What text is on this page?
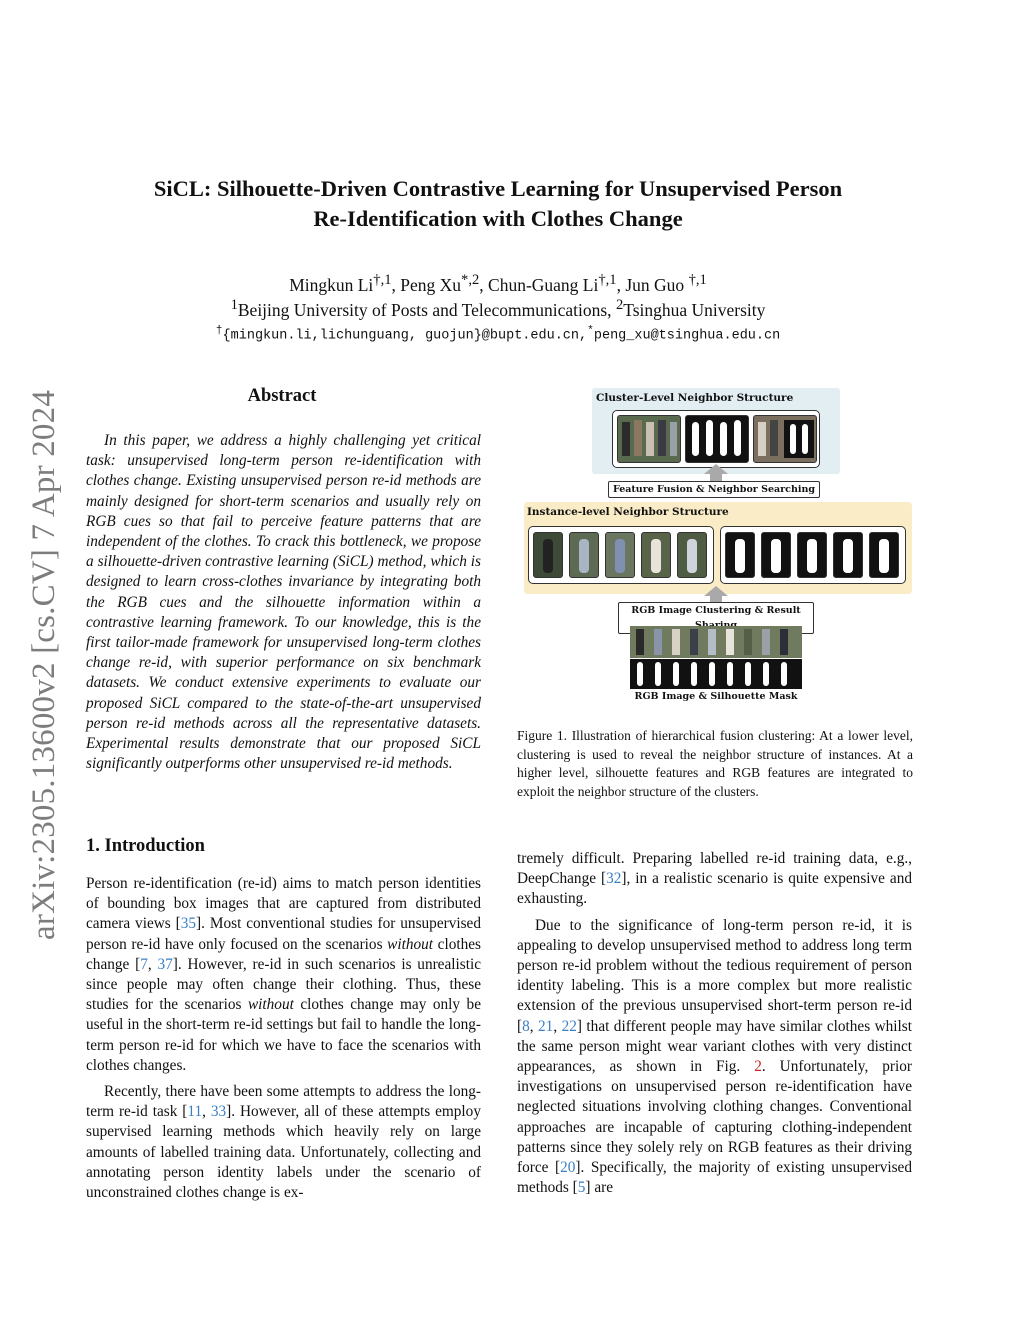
arXiv:2305.13600v2 [cs.CV] 7 Apr 2024
SiCL: Silhouette-Driven Contrastive Learning for Unsupervised Person
Re-Identification with Clothes Change
Mingkun $Li^{\dagger,1}$, Peng $Xu^{*,2}$, Chun-Guang $Li^{\dagger,1}$, Jun Guo $^{\dagger,1}$
$^1$Beijing University of Posts and Telecommunications, $^2$Tsinghua University
†{mingkun.li,lichunguang, guojun}@bupt.edu.cn,*peng_xu@tsinghua.edu.cn
Abstract
In this paper, we address a highly challenging yet critical task: unsupervised long-term person re-identification with clothes change. Existing unsupervised person re-id methods are mainly designed for short-term scenarios and usually rely on RGB cues so that fail to perceive feature patterns that are independent of the clothes. To crack this bottleneck, we propose a silhouette-driven contrastive learning (SiCL) method, which is designed to learn cross-clothes invariance by integrating both the RGB cues and the silhouette information within a contrastive learning framework. To our knowledge, this is the first tailor-made framework for unsupervised long-term clothes change re-id, with superior performance on six benchmark datasets. We conduct extensive experiments to evaluate our proposed SiCL compared to the state-of-the-art unsupervised person re-id methods across all the representative datasets. Experimental results demonstrate that our proposed SiCL significantly outperforms other unsupervised re-id methods.
Cluster-Level Neighbor Structure
Feature Fusion & Neighbor Searching
Instance-level Neighbor Structure
RGB Image Clustering & Result
RGB Image & Silhouette Mask
Figure 1. Illustration of hierarchical fusion clustering: At a lower level, clustering is used to reveal the neighbor structure of instances. At a higher level, silhouette features and RGB features are integrated to exploit the neighbor structure of the clusters.
1. Introduction

Person re-identification (re-id) aims to match person identities of bounding box images that are captured from distributed camera views [35]. Most conventional studies for unsupervised person re-id have only focused on the scenarios without clothes change [7, 37]. However, re-id in such scenarios is unrealistic since people may often change their clothing. Thus, these studies for the scenarios without clothes change may only be useful in the short-term re-id settings but fail to handle the long-term person re-id for which we have to face the scenarios with clothes changes.

Recently, there have been some attempts to address the long-term re-id task [11, 33]. However, all of these attempts employ supervised learning methods which heavily rely on large amounts of labelled training data. Unfortunately, collecting and annotating person identity labels under the scenario of unconstrained clothes change is ex-

tremely difficult. Preparing labelled re-id training data, e.g., DeepChange [32], in a realistic scenario is quite expensive and exhausting.

Due to the significance of long-term person re-id, it is appealing to develop unsupervised method to address long term person re-id problem without the tedious requirement of person identity labeling. This is a more complex but more realistic extension of the previous unsupervised short-term person re-id [8, 21, 22] that different people may have similar clothes whilst the same person might wear variant clothes with very distinct appearances, as shown in Fig. 2. Unfortunately, prior investigations on unsupervised person re-identification have neglected situations involving clothing changes. Conventional approaches are incapable of capturing clothing-independent patterns since they solely rely on RGB features as their driving force [20]. Specifically, the majority of existing unsupervised methods [5] are
